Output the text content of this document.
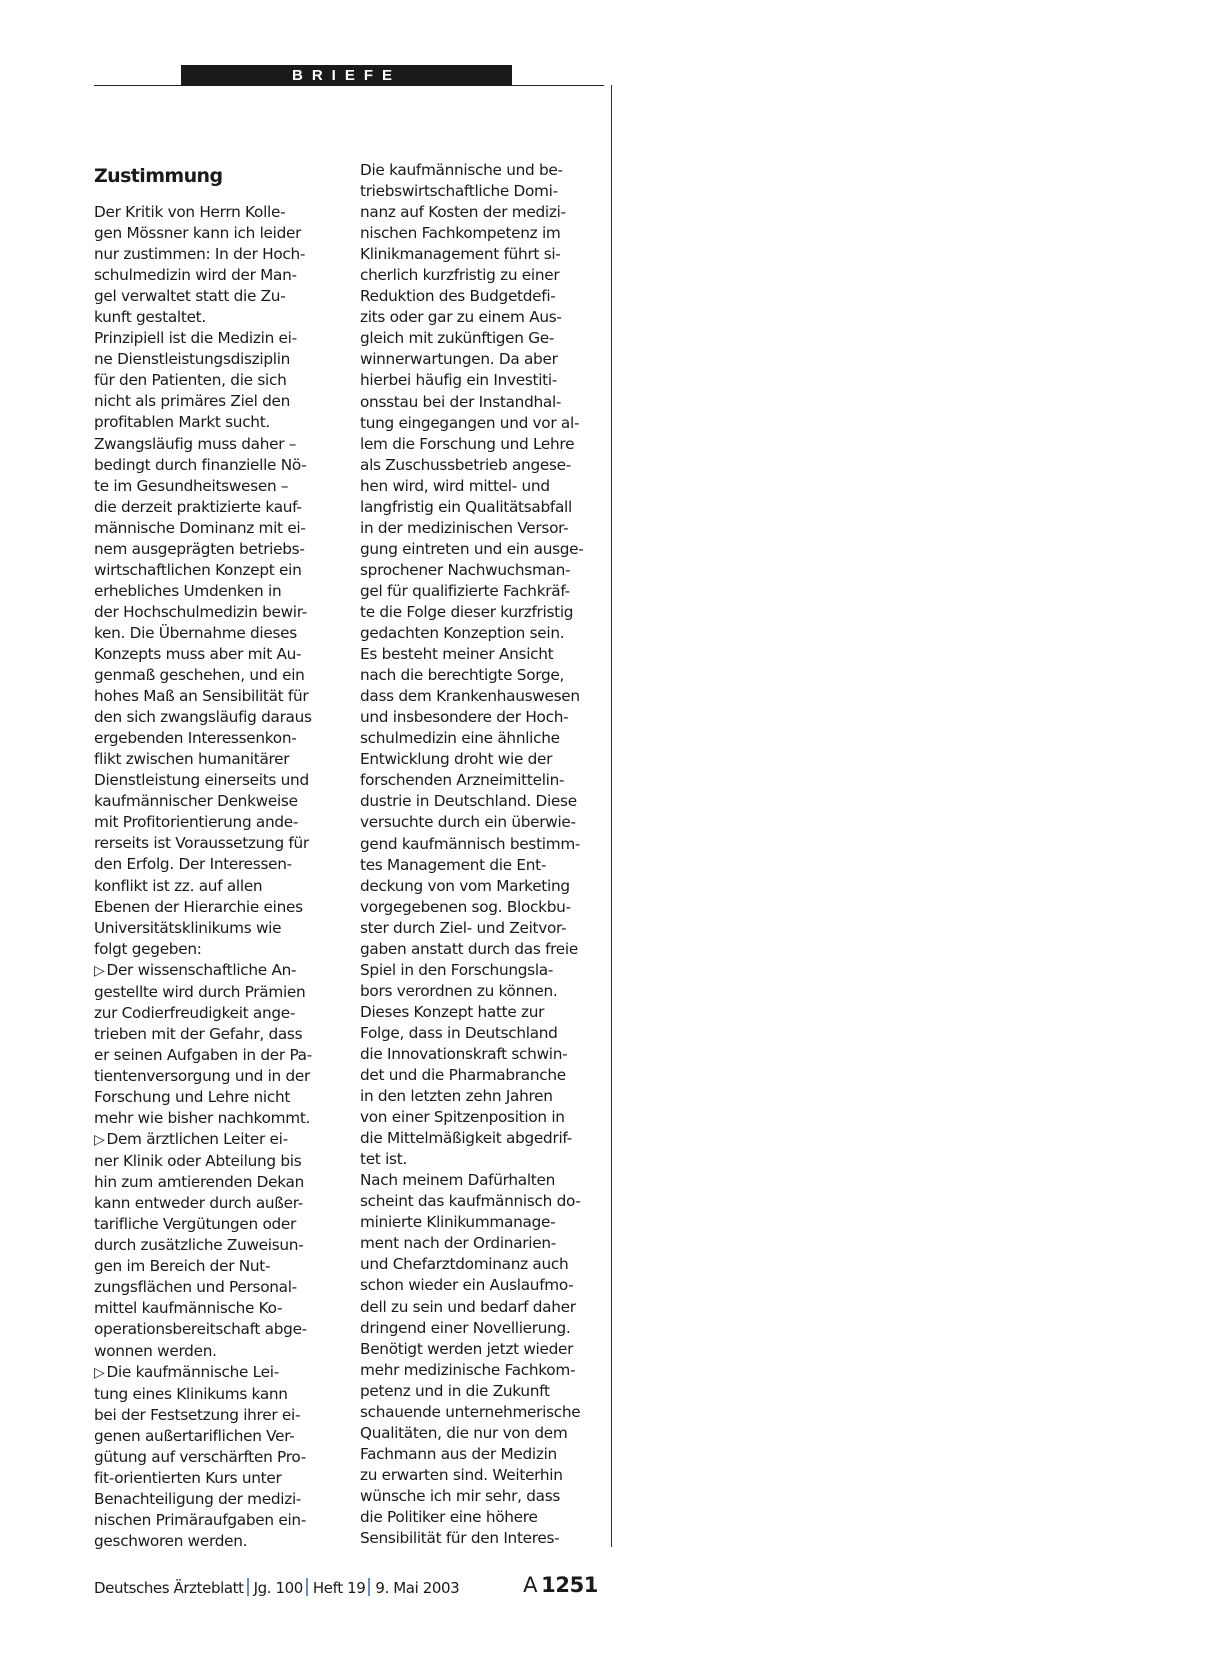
BRIEFE
Zustimmung
Der Kritik von Herrn Kolle-
gen Mössner kann ich leider
nur zustimmen: In der Hoch-
schulmedizin wird der Man-
gel verwaltet statt die Zu-
kunft gestaltet.
Prinzipiell ist die Medizin ei-
ne Dienstleistungsdisziplin
für den Patienten, die sich
nicht als primäres Ziel den
profitablen Markt sucht.
Zwangsläufig muss daher –
bedingt durch finanzielle Nö-
te im Gesundheitswesen –
die derzeit praktizierte kauf-
männische Dominanz mit ei-
nem ausgeprägten betriebs-
wirtschaftlichen Konzept ein
erhebliches Umdenken in
der Hochschulmedizin bewir-
ken. Die Übernahme dieses
Konzepts muss aber mit Au-
genmaß geschehen, und ein
hohes Maß an Sensibilität für
den sich zwangsläufig daraus
ergebenden Interessenkon-
flikt zwischen humanitärer
Dienstleistung einerseits und
kaufmännischer Denkweise
mit Profitorientierung ande-
rerseits ist Voraussetzung für
den Erfolg. Der Interessen-
konflikt ist zz. auf allen
Ebenen der Hierarchie eines
Universitätsklinikums wie
folgt gegeben:
▷ Der wissenschaftliche An-
gestellte wird durch Prämien
zur Codierfreudigkeit ange-
trieben mit der Gefahr, dass
er seinen Aufgaben in der Pa-
tientenversorgung und in der
Forschung und Lehre nicht
mehr wie bisher nachkommt.
▷ Dem ärztlichen Leiter ei-
ner Klinik oder Abteilung bis
hin zum amtierenden Dekan
kann entweder durch außer-
tarifliche Vergütungen oder
durch zusätzliche Zuweisun-
gen im Bereich der Nut-
zungsflächen und Personal-
mittel kaufmännische Ko-
operationsbereitschaft abge-
wonnen werden.
▷ Die kaufmännische Lei-
tung eines Klinikums kann
bei der Festsetzung ihrer ei-
genen außertariflichen Ver-
gütung auf verschärften Pro-
fit-orientierten Kurs unter
Benachteiligung der medizi-
nischen Primäraufgaben ein-
geschworen werden.
Die kaufmännische und be-
triebswirtschaftliche Domi-
nanz auf Kosten der medizi-
nischen Fachkompetenz im
Klinikmanagement führt si-
cherlich kurzfristig zu einer
Reduktion des Budgetdefi-
zits oder gar zu einem Aus-
gleich mit zukünftigen Ge-
winnerwartungen. Da aber
hierbei häufig ein Investiti-
onsstau bei der Instandhal-
tung eingegangen und vor al-
lem die Forschung und Lehre
als Zuschussbetrieb angese-
hen wird, wird mittel- und
langfristig ein Qualitätsabfall
in der medizinischen Versor-
gung eintreten und ein ausge-
sprochener Nachwuchsman-
gel für qualifizierte Fachkräf-
te die Folge dieser kurzfristig
gedachten Konzeption sein.
Es besteht meiner Ansicht
nach die berechtigte Sorge,
dass dem Krankenhauswesen
und insbesondere der Hoch-
schulmedizin eine ähnliche
Entwicklung droht wie der
forschenden Arzneimittelin-
dustrie in Deutschland. Diese
versuchte durch ein überwie-
gend kaufmännisch bestimm-
tes Management die Ent-
deckung von vom Marketing
vorgegebenen sog. Blockbu-
ster durch Ziel- und Zeitvor-
gaben anstatt durch das freie
Spiel in den Forschungsla-
bors verordnen zu können.
Dieses Konzept hatte zur
Folge, dass in Deutschland
die Innovationskraft schwin-
det und die Pharmabranche
in den letzten zehn Jahren
von einer Spitzenposition in
die Mittelmäßigkeit abgedrif-
tet ist.
Nach meinem Dafürhalten
scheint das kaufmännisch do-
minierte Klinikummanage-
ment nach der Ordinarien-
und Chefarztdominanz auch
schon wieder ein Auslaufmo-
dell zu sein und bedarf daher
dringend einer Novellierung.
Benötigt werden jetzt wieder
mehr medizinische Fachkom-
petenz und in die Zukunft
schauende unternehmerische
Qualitäten, die nur von dem
Fachmann aus der Medizin
zu erwarten sind. Weiterhin
wünsche ich mir sehr, dass
die Politiker eine höhere
Sensibilität für den Interes-
Deutsches Ärzteblatt Jg. 100 Heft 19 9. Mai 2003	A 1251
